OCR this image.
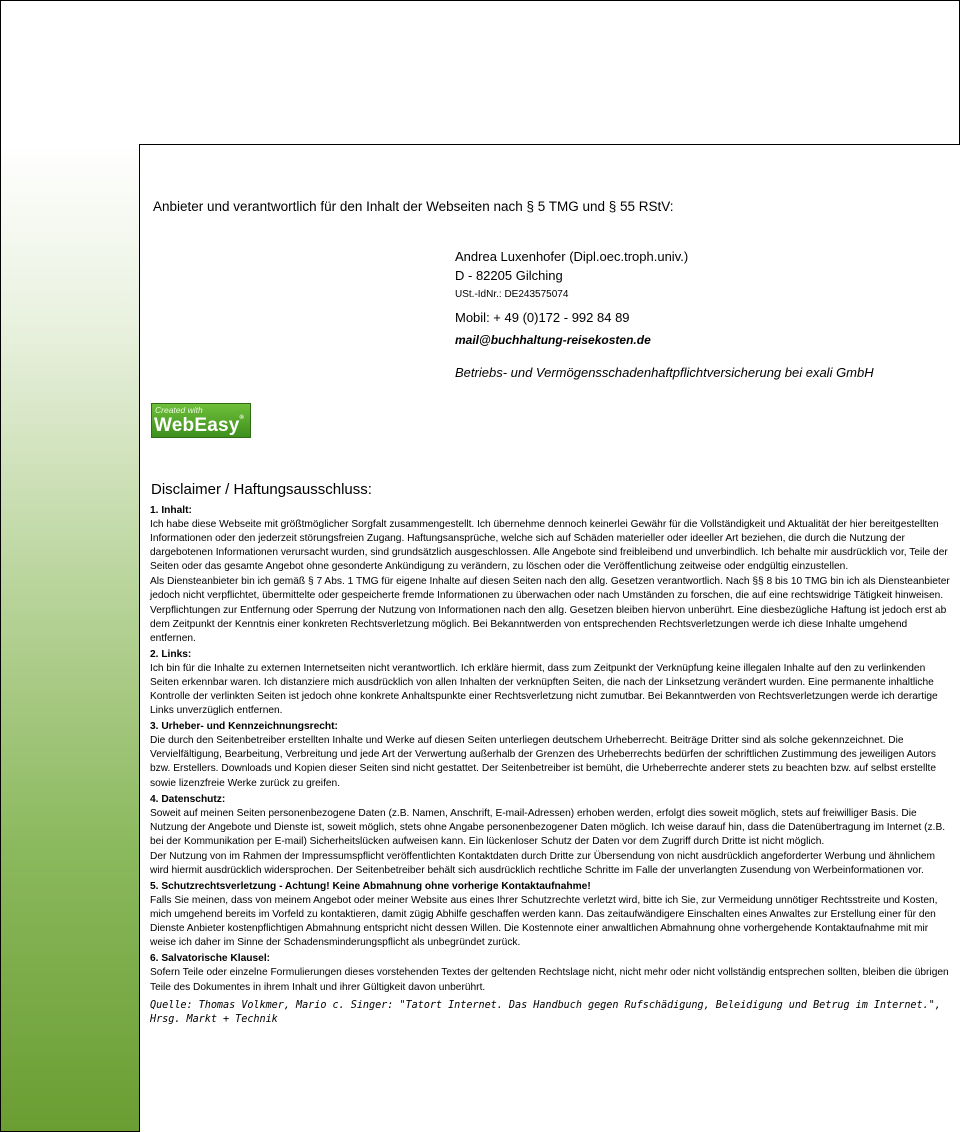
Anbieter und verantwortlich für den Inhalt der Webseiten nach § 5 TMG und § 55 RStV:
Andrea Luxenhofer (Dipl.oec.troph.univ.)
D - 82205 Gilching
USt.-IdNr.: DE243575074
Mobil: + 49 (0)172 - 992 84 89
mail@buchhaltung-reisekosten.de
Betriebs- und Vermögensschadenhaftpflichtversicherung bei exali GmbH
Created with
WebEasy®
Disclaimer / Haftungsausschluss:
1. Inhalt:

Ich habe diese Webseite mit größtmöglicher Sorgfalt zusammengestellt. Ich übernehme dennoch keinerlei Gewähr für die Vollständigkeit und Aktualität der hier bereitgestellten Informationen oder den jederzeit störungsfreien Zugang. Haftungsansprüche, welche sich auf Schäden materieller oder ideeller Art beziehen, die durch die Nutzung der dargebotenen Informationen verursacht wurden, sind grundsätzlich ausgeschlossen. Alle Angebote sind freibleibend und unverbindlich. Ich behalte mir ausdrücklich vor, Teile der Seiten oder das gesamte Angebot ohne gesonderte Ankündigung zu verändern, zu löschen oder die Veröffentlichung zeitweise oder endgültig einzustellen.

Als Diensteanbieter bin ich gemäß § 7 Abs. 1 TMG für eigene Inhalte auf diesen Seiten nach den allg. Gesetzen verantwortlich. Nach §§ 8 bis 10 TMG bin ich als Diensteanbieter jedoch nicht verpflichtet, übermittelte oder gespeicherte fremde Informationen zu überwachen oder nach Umständen zu forschen, die auf eine rechtswidrige Tätigkeit hinweisen. Verpflichtungen zur Entfernung oder Sperrung der Nutzung von Informationen nach den allg. Gesetzen bleiben hiervon unberührt. Eine diesbezügliche Haftung ist jedoch erst ab dem Zeitpunkt der Kenntnis einer konkreten Rechtsverletzung möglich. Bei Bekanntwerden von entsprechenden Rechtsverletzungen werde ich diese Inhalte umgehend entfernen.

2. Links:

Ich bin für die Inhalte zu externen Internetseiten nicht verantwortlich. Ich erkläre hiermit, dass zum Zeitpunkt der Verknüpfung keine illegalen Inhalte auf den zu verlinkenden Seiten erkennbar waren. Ich distanziere mich ausdrücklich von allen Inhalten der verknüpften Seiten, die nach der Linksetzung verändert wurden. Eine permanente inhaltliche Kontrolle der verlinkten Seiten ist jedoch ohne konkrete Anhaltspunkte einer Rechtsverletzung nicht zumutbar. Bei Bekanntwerden von Rechtsverletzungen werde ich derartige Links unverzüglich entfernen.

3. Urheber- und Kennzeichnungsrecht:

Die durch den Seitenbetreiber erstellten Inhalte und Werke auf diesen Seiten unterliegen deutschem Urheberrecht. Beiträge Dritter sind als solche gekennzeichnet. Die Vervielfältigung, Bearbeitung, Verbreitung und jede Art der Verwertung außerhalb der Grenzen des Urheberrechts bedürfen der schriftlichen Zustimmung des jeweiligen Autors bzw. Erstellers. Downloads und Kopien dieser Seiten sind nicht gestattet. Der Seitenbetreiber ist bemüht, die Urheberrechte anderer stets zu beachten bzw. auf selbst erstellte sowie lizenzfreie Werke zurück zu greifen.

4. Datenschutz:

Soweit auf meinen Seiten personenbezogene Daten (z.B. Namen, Anschrift, E-mail-Adressen) erhoben werden, erfolgt dies soweit möglich, stets auf freiwilliger Basis. Die Nutzung der Angebote und Dienste ist, soweit möglich, stets ohne Angabe personenbezogener Daten möglich. Ich weise darauf hin, dass die Datenübertragung im Internet (z.B. bei der Kommunikation per E-mail) Sicherheitslücken aufweisen kann. Ein lückenloser Schutz der Daten vor dem Zugriff durch Dritte ist nicht möglich.

Der Nutzung von im Rahmen der Impressumspflicht veröffentlichten Kontaktdaten durch Dritte zur Übersendung von nicht ausdrücklich angeforderter Werbung und ähnlichem wird hiermit ausdrücklich widersprochen. Der Seitenbetreiber behält sich ausdrücklich rechtliche Schritte im Falle der unverlangten Zusendung von Werbeinformationen vor.

5. Schutzrechtsverletzung - Achtung! Keine Abmahnung ohne vorherige Kontaktaufnahme!

Falls Sie meinen, dass von meinem Angebot oder meiner Website aus eines Ihrer Schutzrechte verletzt wird, bitte ich Sie, zur Vermeidung unnötiger Rechtsstreite und Kosten, mich umgehend bereits im Vorfeld zu kontaktieren, damit zügig Abhilfe geschaffen werden kann. Das zeitaufwändigere Einschalten eines Anwaltes zur Erstellung einer für den Dienste Anbieter kostenpflichtigen Abmahnung entspricht nicht dessen Willen. Die Kostennote einer anwaltlichen Abmahnung ohne vorhergehende Kontaktaufnahme mit mir weise ich daher im Sinne der Schadensminderungspflicht als unbegründet zurück.

6. Salvatorische Klausel:

Sofern Teile oder einzelne Formulierungen dieses vorstehenden Textes der geltenden Rechtslage nicht, nicht mehr oder nicht vollständig entsprechen sollten, bleiben die übrigen Teile des Dokumentes in ihrem Inhalt und ihrer Gültigkeit davon unberührt.

Quelle: Thomas Volkmer, Mario c. Singer: "Tatort Internet. Das Handbuch gegen Rufschädigung, Beleidigung und Betrug im Internet.", Hrsg. Markt + Technik
